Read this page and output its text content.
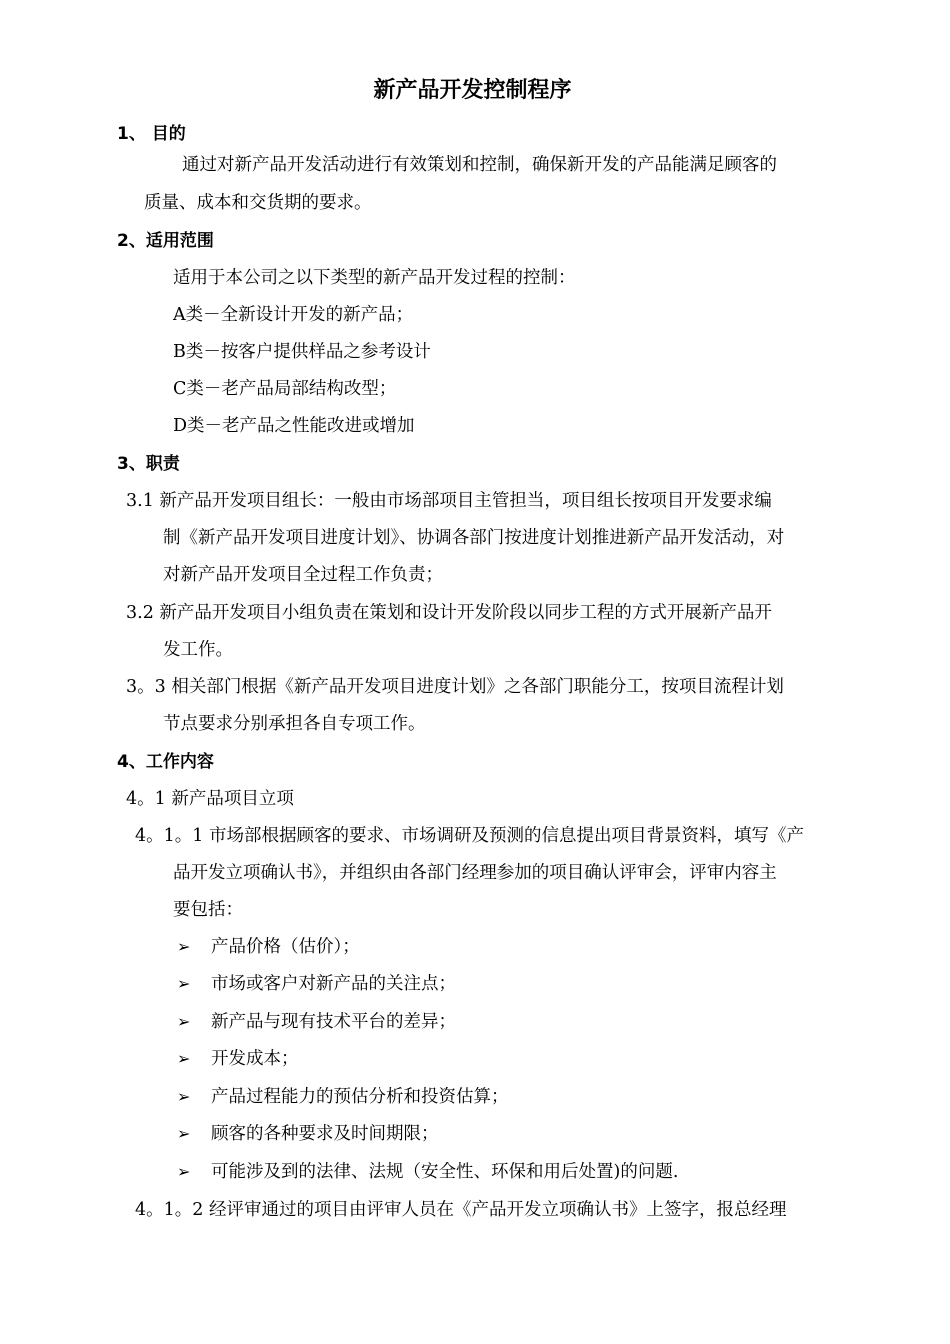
新产品开发控制程序
1、 目的
通过对新产品开发活动进行有效策划和控制，确保新开发的产品能满足顾客的
质量、成本和交货期的要求。
2、适用范围
适用于本公司之以下类型的新产品开发过程的控制：
A类－全新设计开发的新产品；
B类－按客户提供样品之参考设计
C类－老产品局部结构改型；
D类－老产品之性能改进或增加
3、职责
3.1 新产品开发项目组长：一般由市场部项目主管担当，项目组长按项目开发要求编
制《新产品开发项目进度计划》、协调各部门按进度计划推进新产品开发活动，对
对新产品开发项目全过程工作负责；
3.2 新产品开发项目小组负责在策划和设计开发阶段以同步工程的方式开展新产品开
发工作。
3。3 相关部门根据《新产品开发项目进度计划》之各部门职能分工，按项目流程计划
节点要求分别承担各自专项工作。
4、工作内容
4。1 新产品项目立项
4。1。1 市场部根据顾客的要求、市场调研及预测的信息提出项目背景资料，填写《产
品开发立项确认书》，并组织由各部门经理参加的项目确认评审会，评审内容主
要包括：
➢ 产品价格（估价）；
➢ 市场或客户对新产品的关注点；
➢ 新产品与现有技术平台的差异；
➢ 开发成本；
➢ 产品过程能力的预估分析和投资估算；
➢ 顾客的各种要求及时间期限；
➢ 可能涉及到的法律、法规（安全性、环保和用后处置)的问题.
4。1。2 经评审通过的项目由评审人员在《产品开发立项确认书》上签字，报总经理
